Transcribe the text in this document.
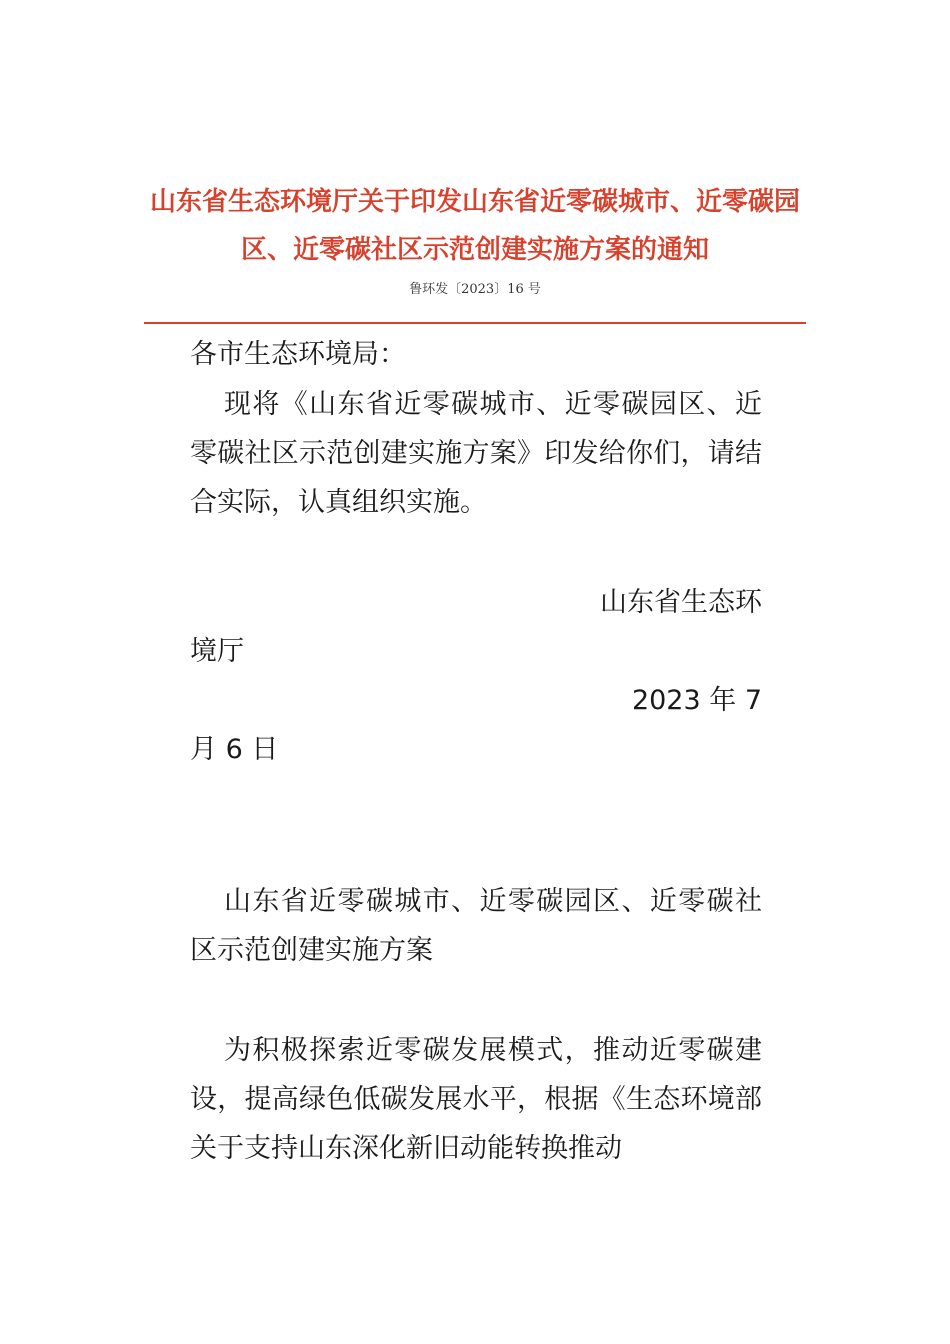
山东省生态环境厅关于印发山东省近零碳城市、近零碳园
区、近零碳社区示范创建实施方案的通知
鲁环发〔2023〕16 号

各市生态环境局：

现将《山东省近零碳城市、近零碳园区、近零碳社区示范创建实施方案》印发给你们，请结合实际，认真组织实施。

山东省生态环

境厅

2023 年 7

月 6 日

山东省近零碳城市、近零碳园区、近零碳社区示范创建实施方案

为积极探索近零碳发展模式，推动近零碳建设，提高绿色低碳发展水平，根据《生态环境部关于支持山东深化新旧动能转换推动
